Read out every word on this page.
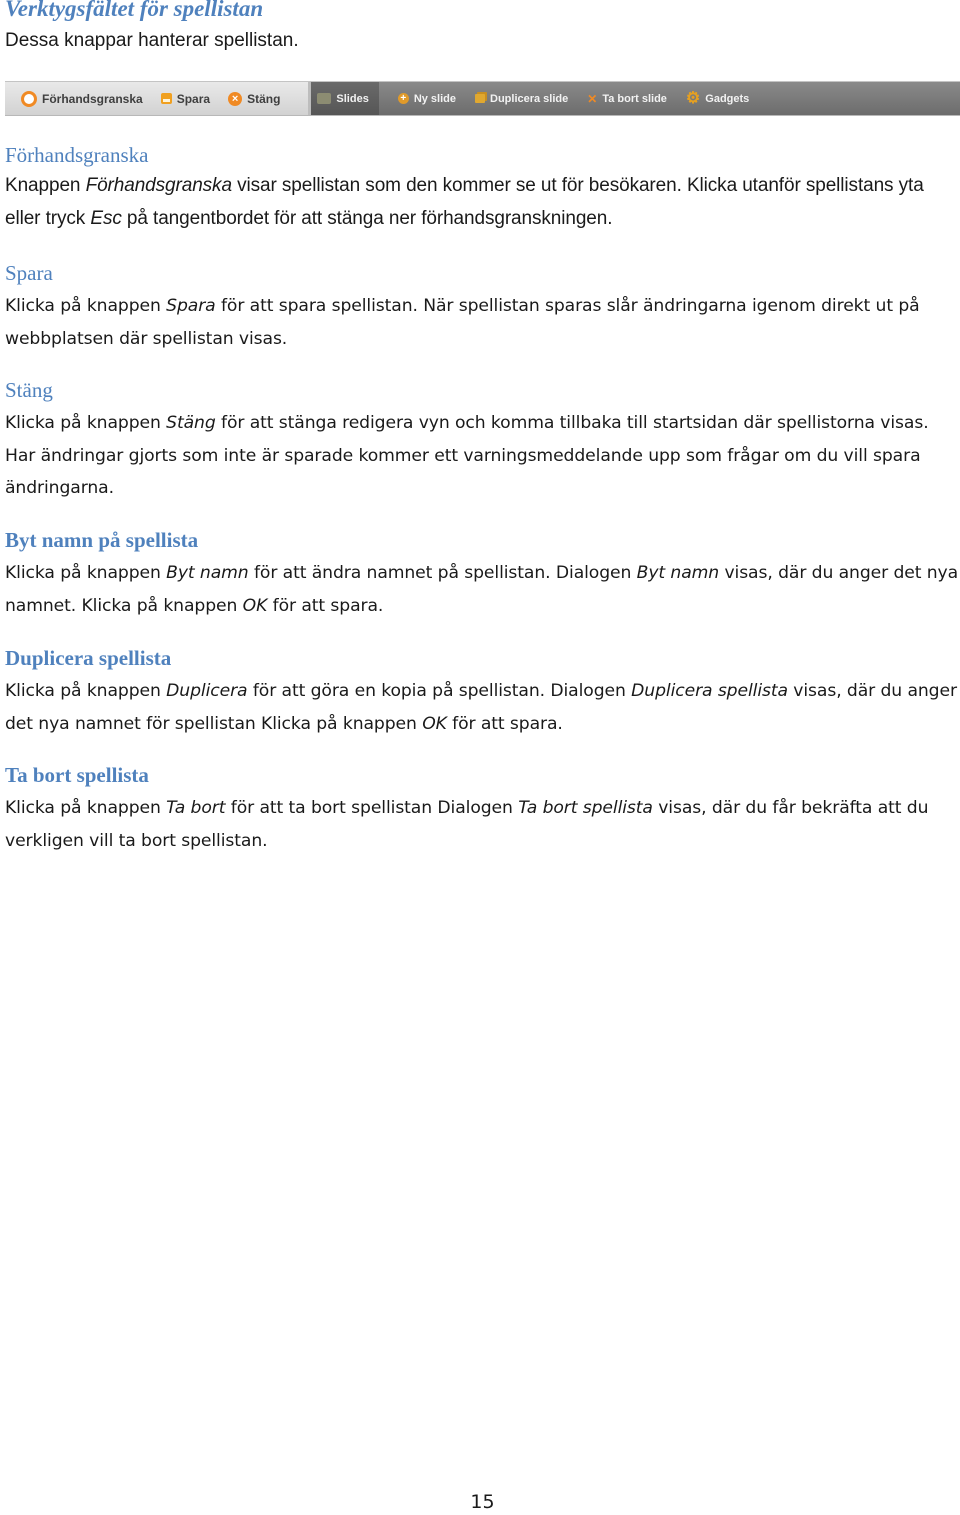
Verktygsfältet för spellistan

Dessa knappar hanterar spellistan.

Förhandsgranska	Spara	× Stäng	Slides	+ Ny slide	Duplicera slide ✕ Ta bort slide ⚙ Gadgets
Förhandsgranska

Knappen Förhandsgranska visar spellistan som den kommer se ut för besökaren. Klicka utanför spellistans yta eller tryck Esc på tangentbordet för att stänga ner förhandsgranskningen.

Spara

Klicka på knappen Spara för att spara spellistan. När spellistan sparas slår ändringarna igenom direkt ut på webbplatsen där spellistan visas.

Stäng

Klicka på knappen Stäng för att stänga redigera vyn och komma tillbaka till startsidan där spellistorna visas. Har ändringar gjorts som inte är sparade kommer ett varningsmeddelande upp som frågar om du vill spara ändringarna.

Byt namn på spellista

Klicka på knappen Byt namn för att ändra namnet på spellistan. Dialogen Byt namn visas, där du anger det nya namnet. Klicka på knappen OK för att spara.

Duplicera spellista

Klicka på knappen Duplicera för att göra en kopia på spellistan. Dialogen Duplicera spellista visas, där du anger det nya namnet för spellistan Klicka på knappen OK för att spara.

Ta bort spellista

Klicka på knappen Ta bort för att ta bort spellistan Dialogen Ta bort spellista visas, där du får bekräfta att du verkligen vill ta bort spellistan.

15
